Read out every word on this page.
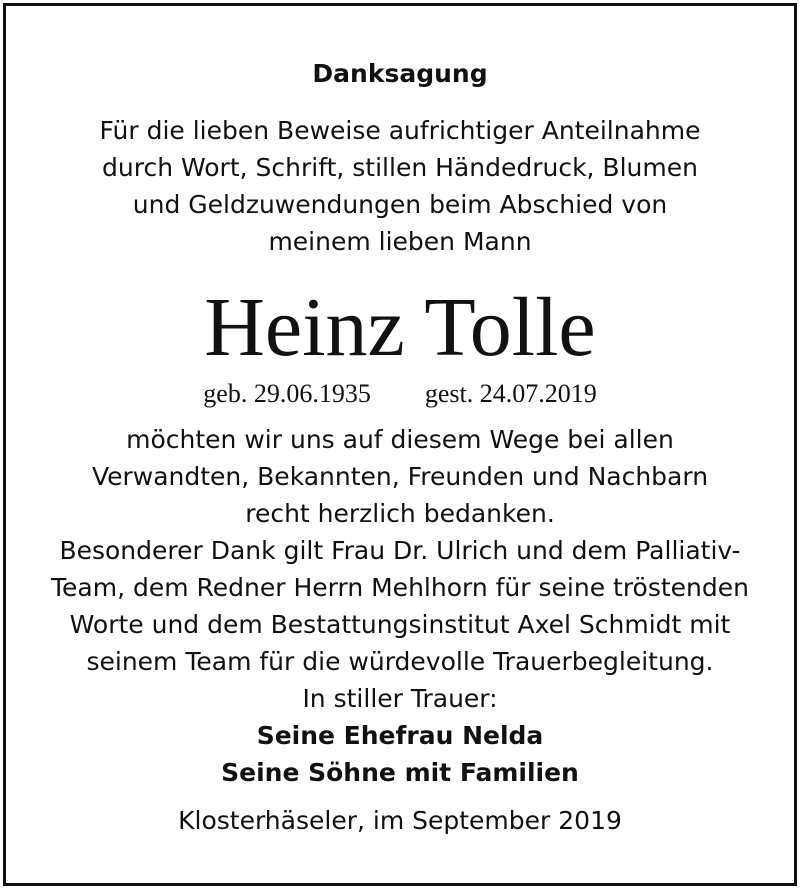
Danksagung
Für die lieben Beweise aufrichtiger Anteilnahme
durch Wort, Schrift, stillen Händedruck, Blumen
und Geldzuwendungen beim Abschied von
meinem lieben Mann
Heinz Tolle
geb. 29.06.1935 gest. 24.07.2019
möchten wir uns auf diesem Wege bei allen
Verwandten, Bekannten, Freunden und Nachbarn
recht herzlich bedanken.
Besonderer Dank gilt Frau Dr. Ulrich und dem Palliativ-
Team, dem Redner Herrn Mehlhorn für seine tröstenden
Worte und dem Bestattungsinstitut Axel Schmidt mit
seinem Team für die würdevolle Trauerbegleitung.
In stiller Trauer:
Seine Ehefrau Nelda
Seine Söhne mit Familien
Klosterhäseler, im September 2019
